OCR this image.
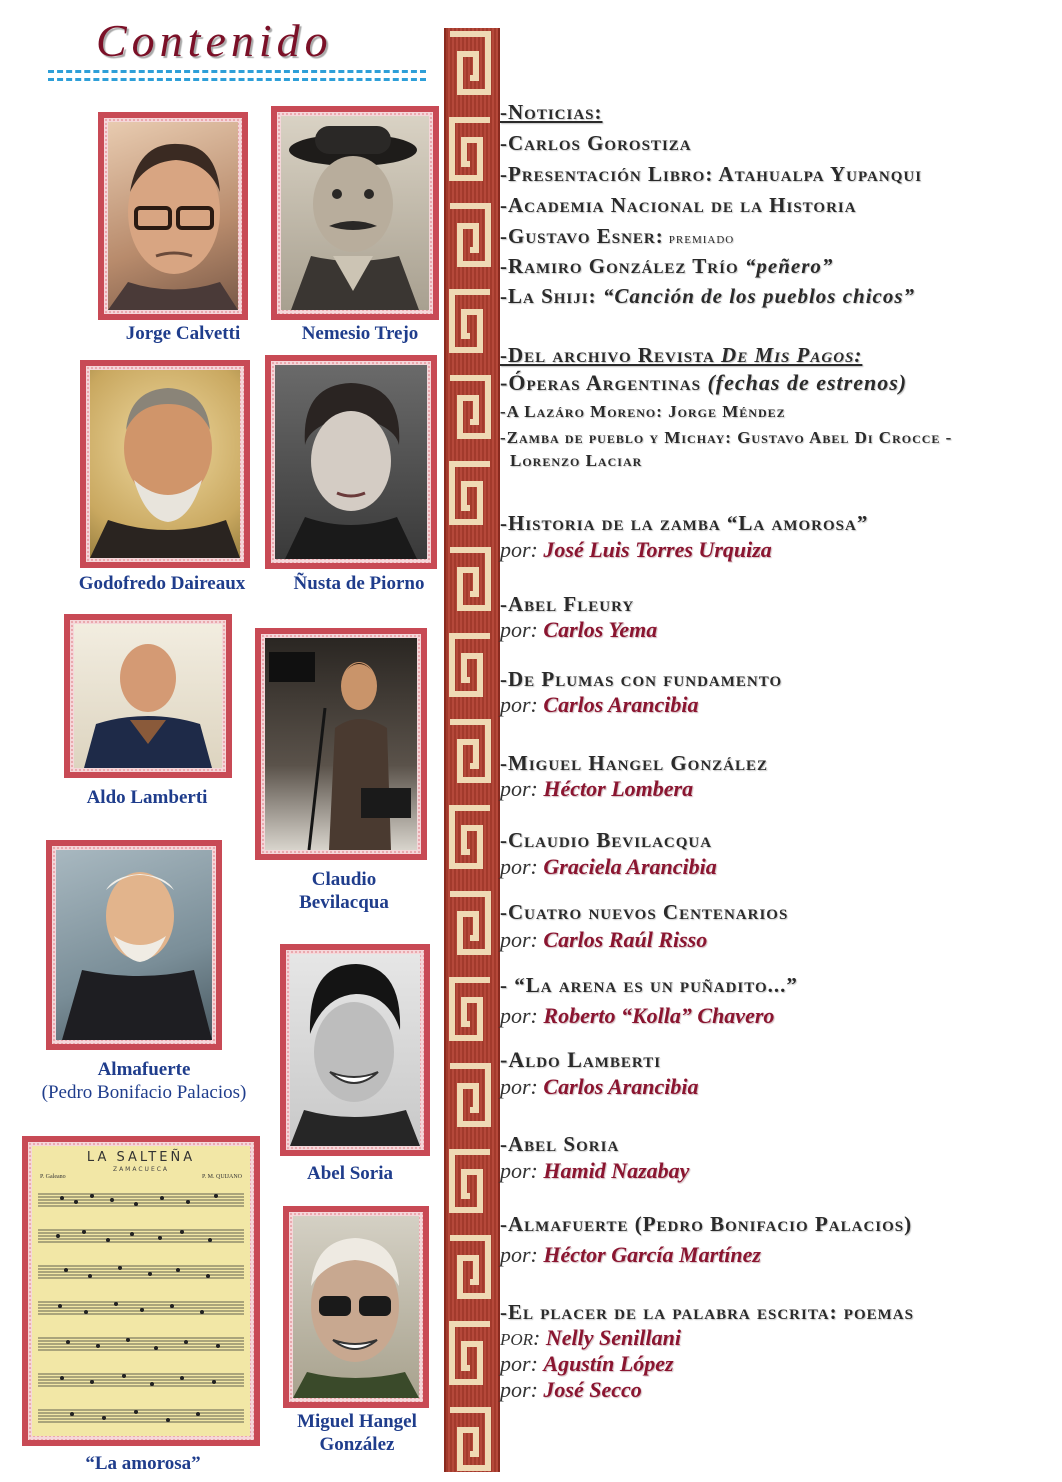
Contenido
Jorge Calvetti	Nemesio Trejo
Godofredo Daireaux	Ñusta de Piorno
Aldo Lamberti
Claudio
Bevilacqua
Almafuerte
(Pedro Bonifacio Palacios)
Abel Soria
LA SALTEÑA
ZAMACUECA
P. Galeano	P. M. QUIJANO
“La amorosa”
Miguel Hangel
González
-Noticias:
-Carlos Gorostiza
-Presentación Libro: Atahualpa Yupanqui
-Academia Nacional de la Historia
-Gustavo Esner: premiado
-Ramiro González Trío “peñero”
-La Shiji: “Canción de los pueblos chicos”
-Del archivo Revista De Mis Pagos:
-Óperas Argentinas (fechas de estrenos)
-A Lazáro Moreno: Jorge Méndez
-Zamba de pueblo y Michay: Gustavo Abel Di Crocce -
Lorenzo Laciar
-Historia de la zamba “La amorosa”
por: José Luis Torres Urquiza
-Abel Fleury
por: Carlos Yema
-De Plumas con fundamento
por: Carlos Arancibia
-Miguel Hangel González
por: Héctor Lombera
-Claudio Bevilacqua
por: Graciela Arancibia
-Cuatro nuevos Centenarios
por: Carlos Raúl Risso
- “La arena es un puñadito...”
por: Roberto “Kolla” Chavero
-Aldo Lamberti
por: Carlos Arancibia
-Abel Soria
por: Hamid Nazabay
-Almafuerte (Pedro Bonifacio Palacios)
por: Héctor García Martínez
-El placer de la palabra escrita: poemas
POR: Nelly Senillani
por: Agustín López
por: José Secco
